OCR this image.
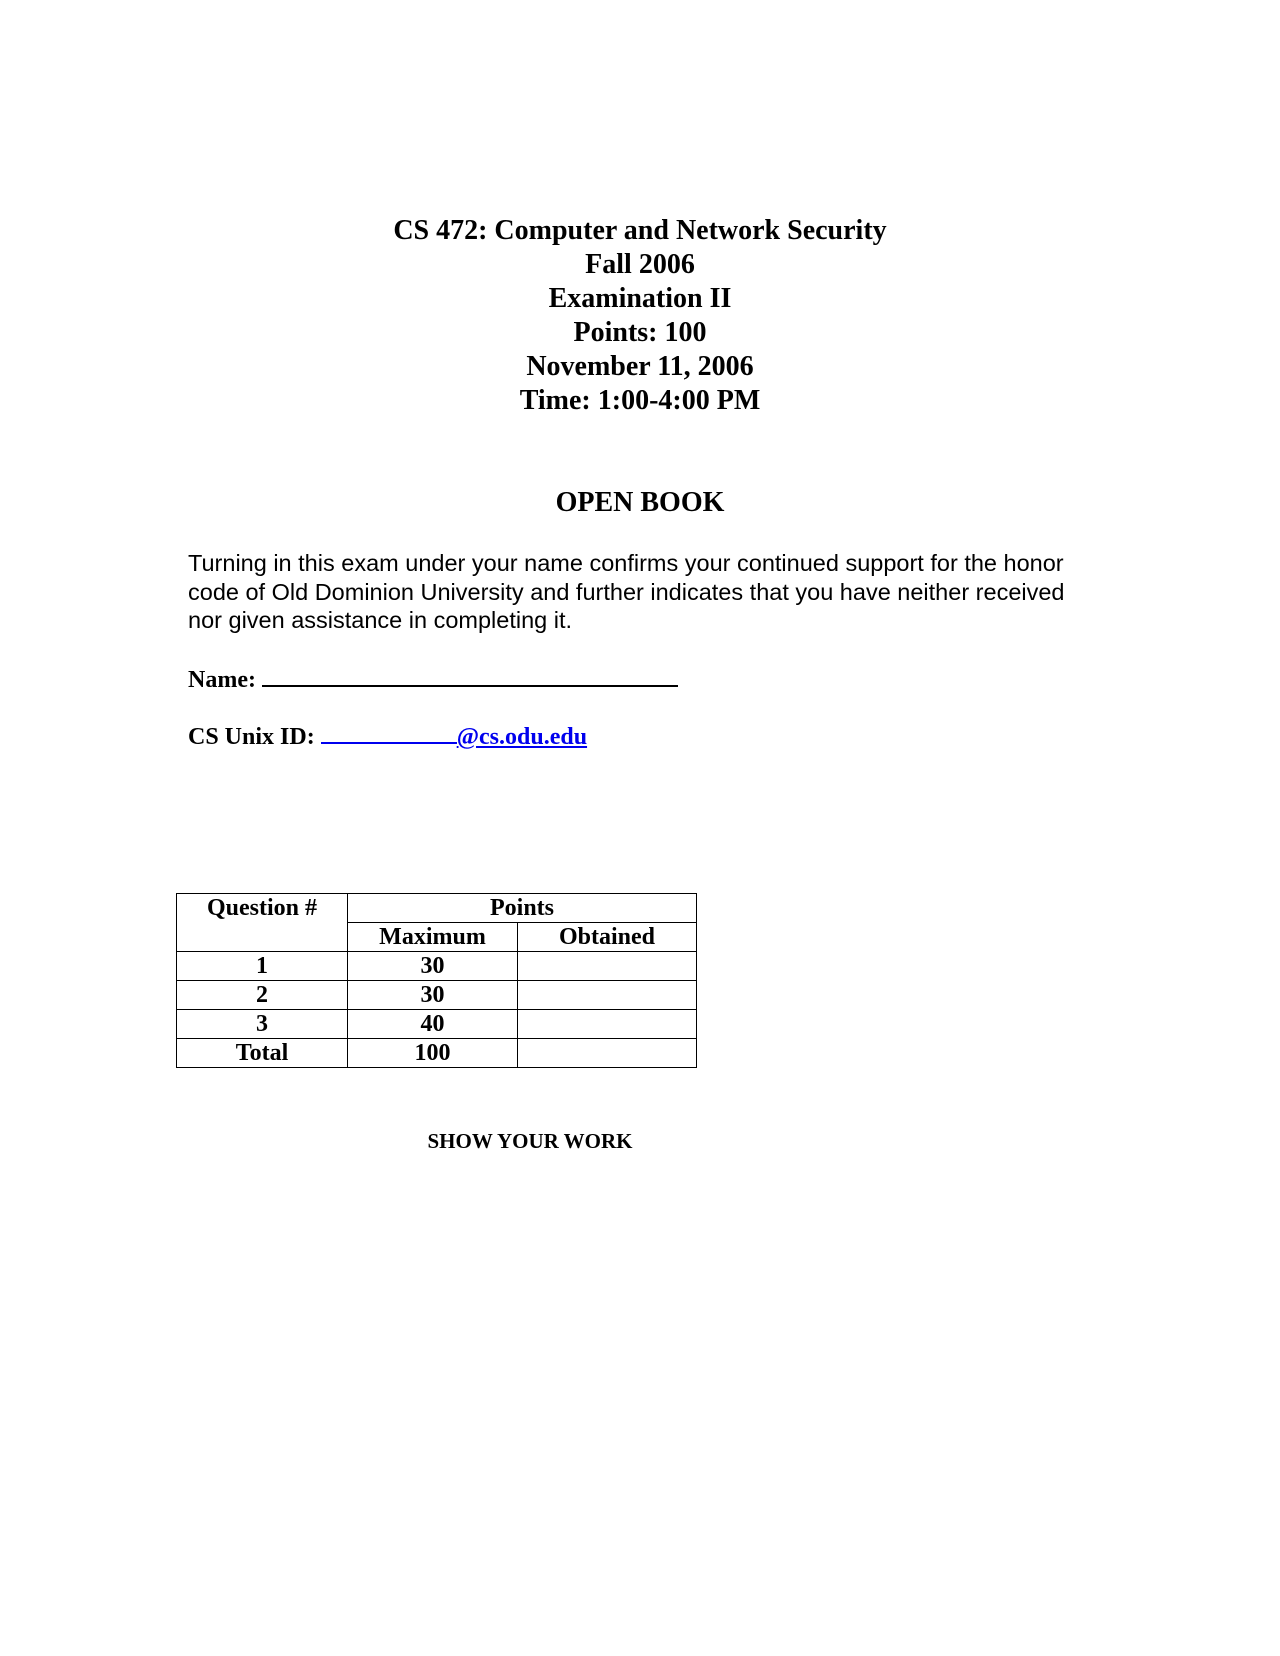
CS 472: Computer and Network Security
Fall 2006
Examination II
Points: 100
November 11, 2006
Time: 1:00-4:00 PM
OPEN BOOK
Turning in this exam under your name confirms your continued support for the honor code of Old Dominion University and further indicates that you have neither received nor given assistance in completing it.
Name:
CS Unix ID:	@cs.odu.edu
Question #	Points	
	Maximum	Obtained
1	30	
2	30	
3	40	
Total	100	
SHOW YOUR WORK
